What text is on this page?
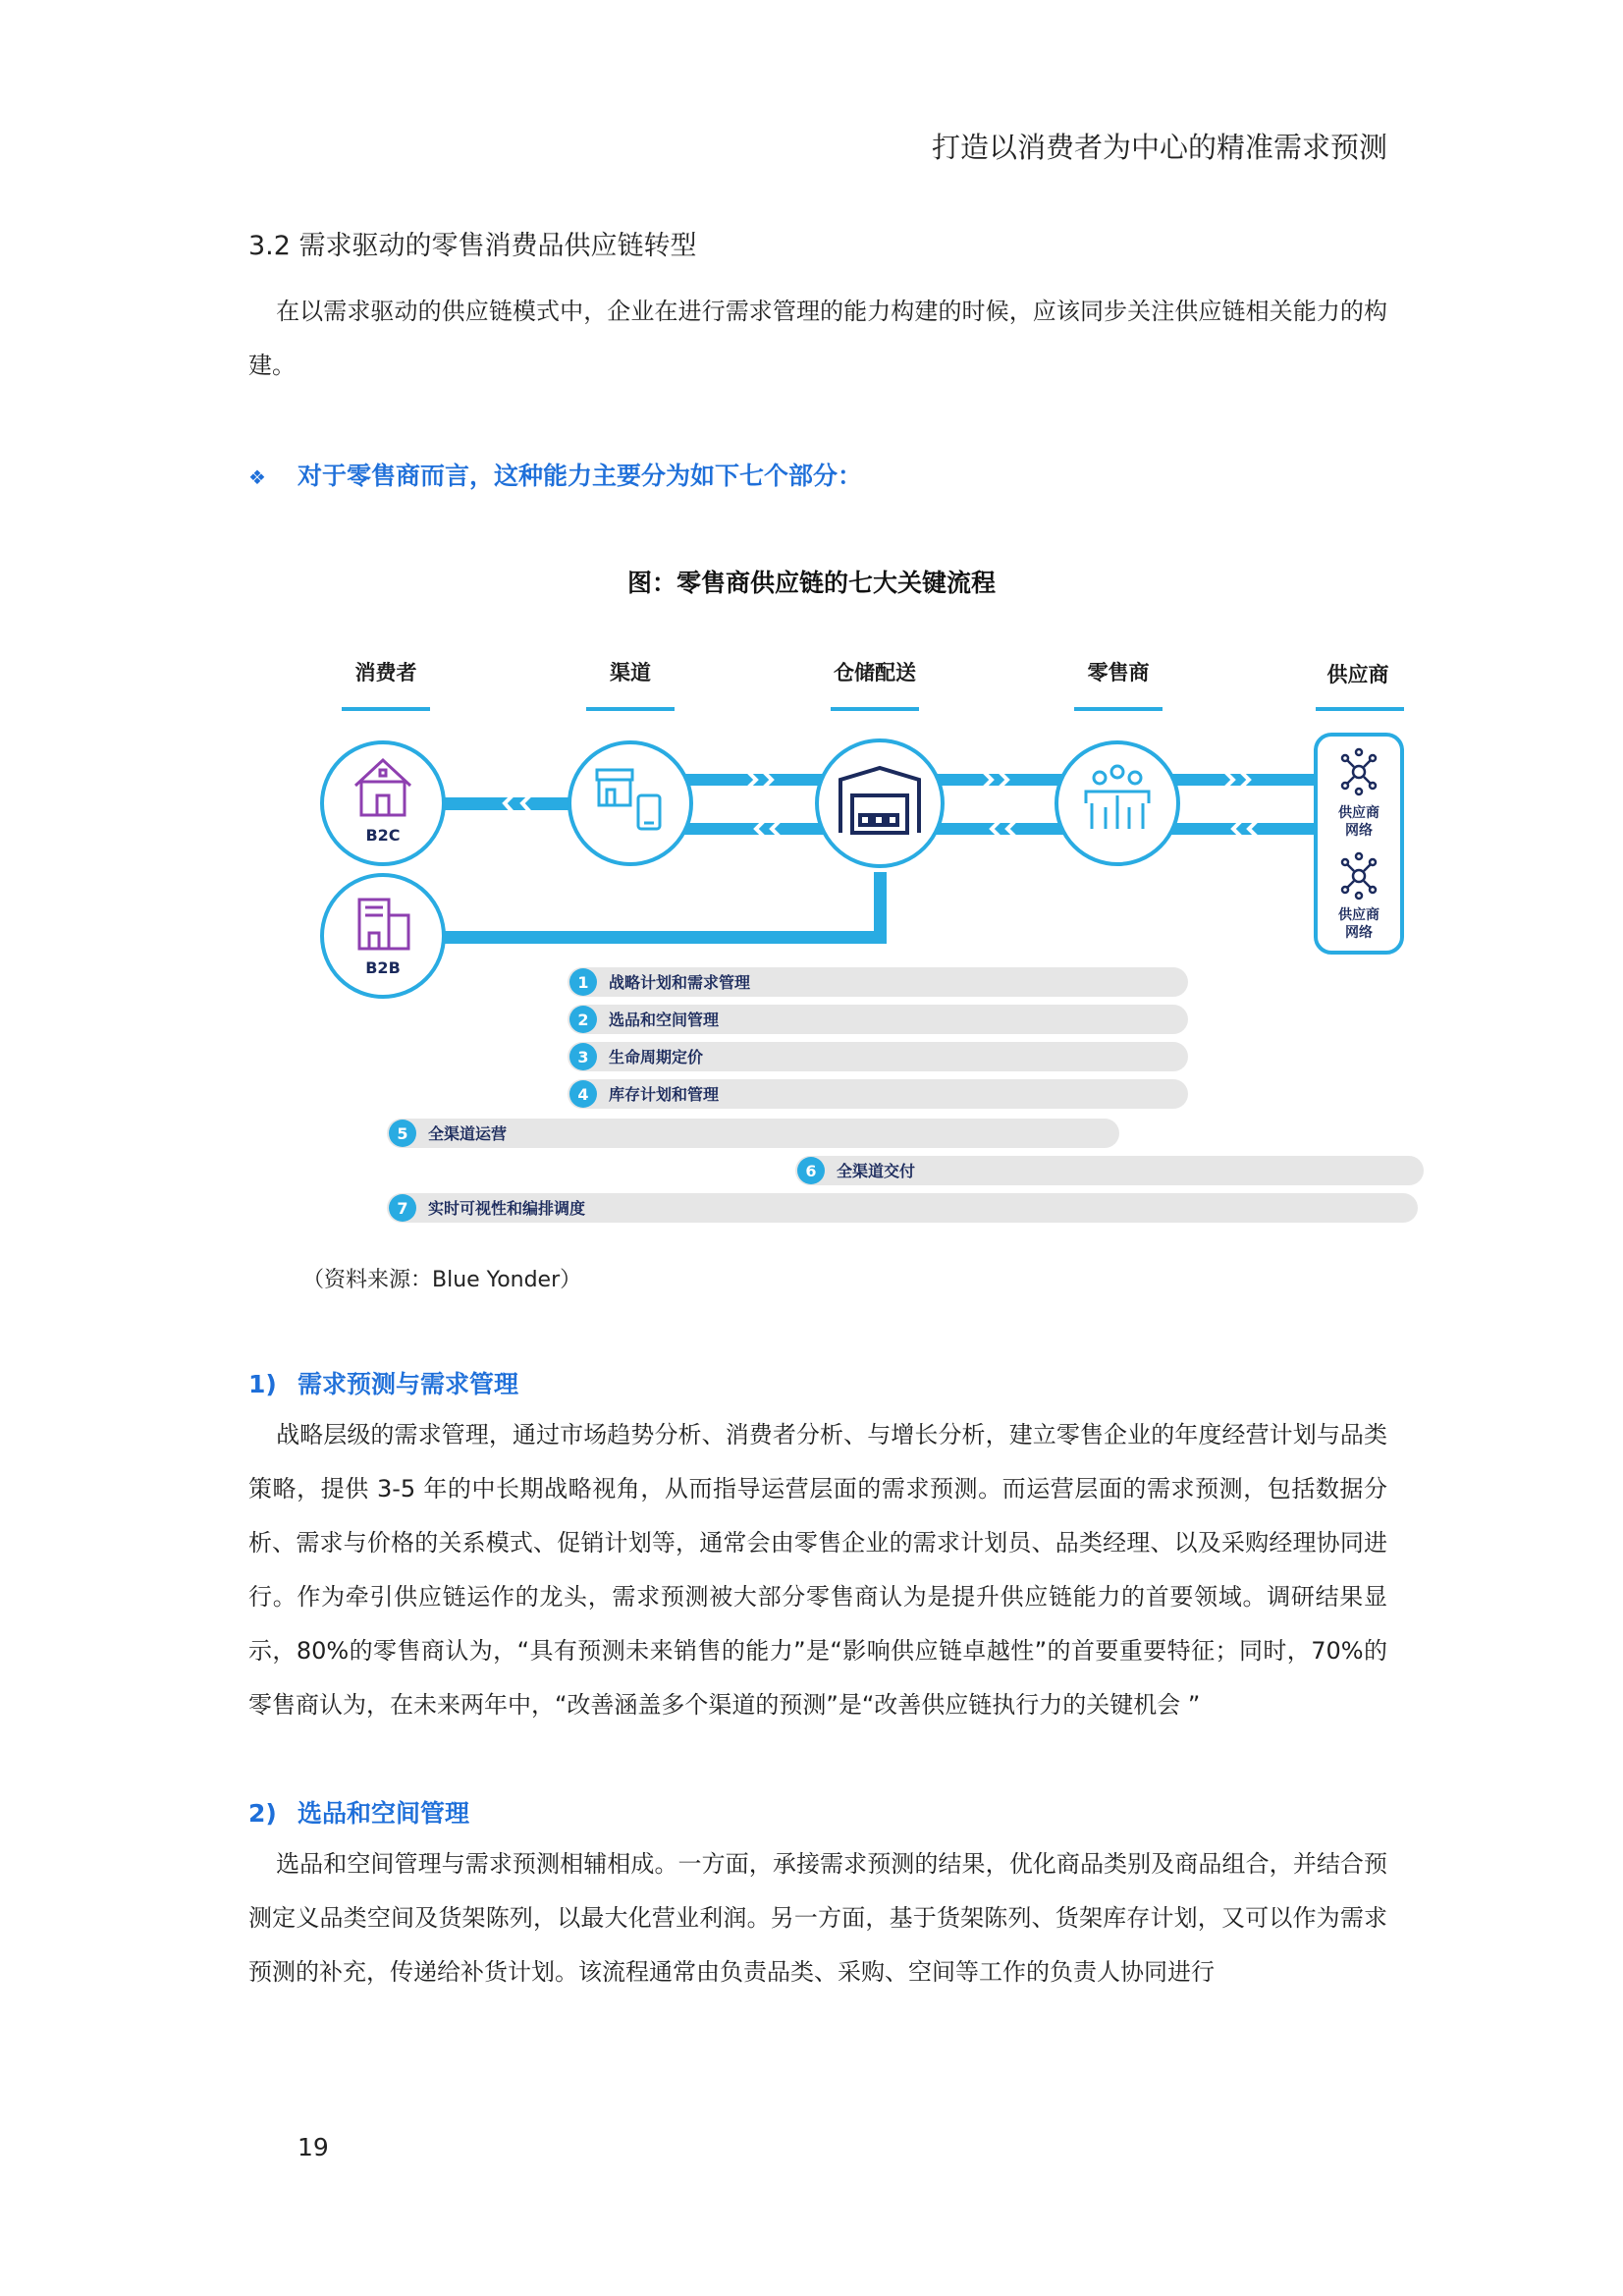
打造以消费者为中心的精准需求预测
3.2 需求驱动的零售消费品供应链转型
在以需求驱动的供应链模式中，企业在进行需求管理的能力构建的时候，应该同步关注供应链相关能力的构建。
❖ 对于零售商而言，这种能力主要分为如下七个部分：
图：零售商供应链的七大关键流程
消费者	渠道	仓储配送	零售商	供应商
B2C
B2B
供应商
网络
供应商
网络
1 战略计划和需求管理
2 选品和空间管理
3 生命周期定价
4 库存计划和管理
5 全渠道运营
6 全渠道交付
7 实时可视性和编排调度
（资料来源：Blue Yonder）
1) 需求预测与需求管理
战略层级的需求管理，通过市场趋势分析、消费者分析、与增长分析，建立零售企业的年度经营计划与品类策略，提供 3-5 年的中长期战略视角，从而指导运营层面的需求预测。而运营层面的需求预测，包括数据分析、需求与价格的关系模式、促销计划等，通常会由零售企业的需求计划员、品类经理、以及采购经理协同进行。作为牵引供应链运作的龙头，需求预测被大部分零售商认为是提升供应链能力的首要领域。调研结果显示，80%的零售商认为，“具有预测未来销售的能力”是“影响供应链卓越性”的首要重要特征；同时，70%的零售商认为，在未来两年中，“改善涵盖多个渠道的预测”是“改善供应链执行力的关键机会 ”
2) 选品和空间管理
选品和空间管理与需求预测相辅相成。一方面，承接需求预测的结果，优化商品类别及商品组合，并结合预测定义品类空间及货架陈列，以最大化营业利润。另一方面，基于货架陈列、货架库存计划，又可以作为需求预测的补充，传递给补货计划。该流程通常由负责品类、采购、空间等工作的负责人协同进行
19
